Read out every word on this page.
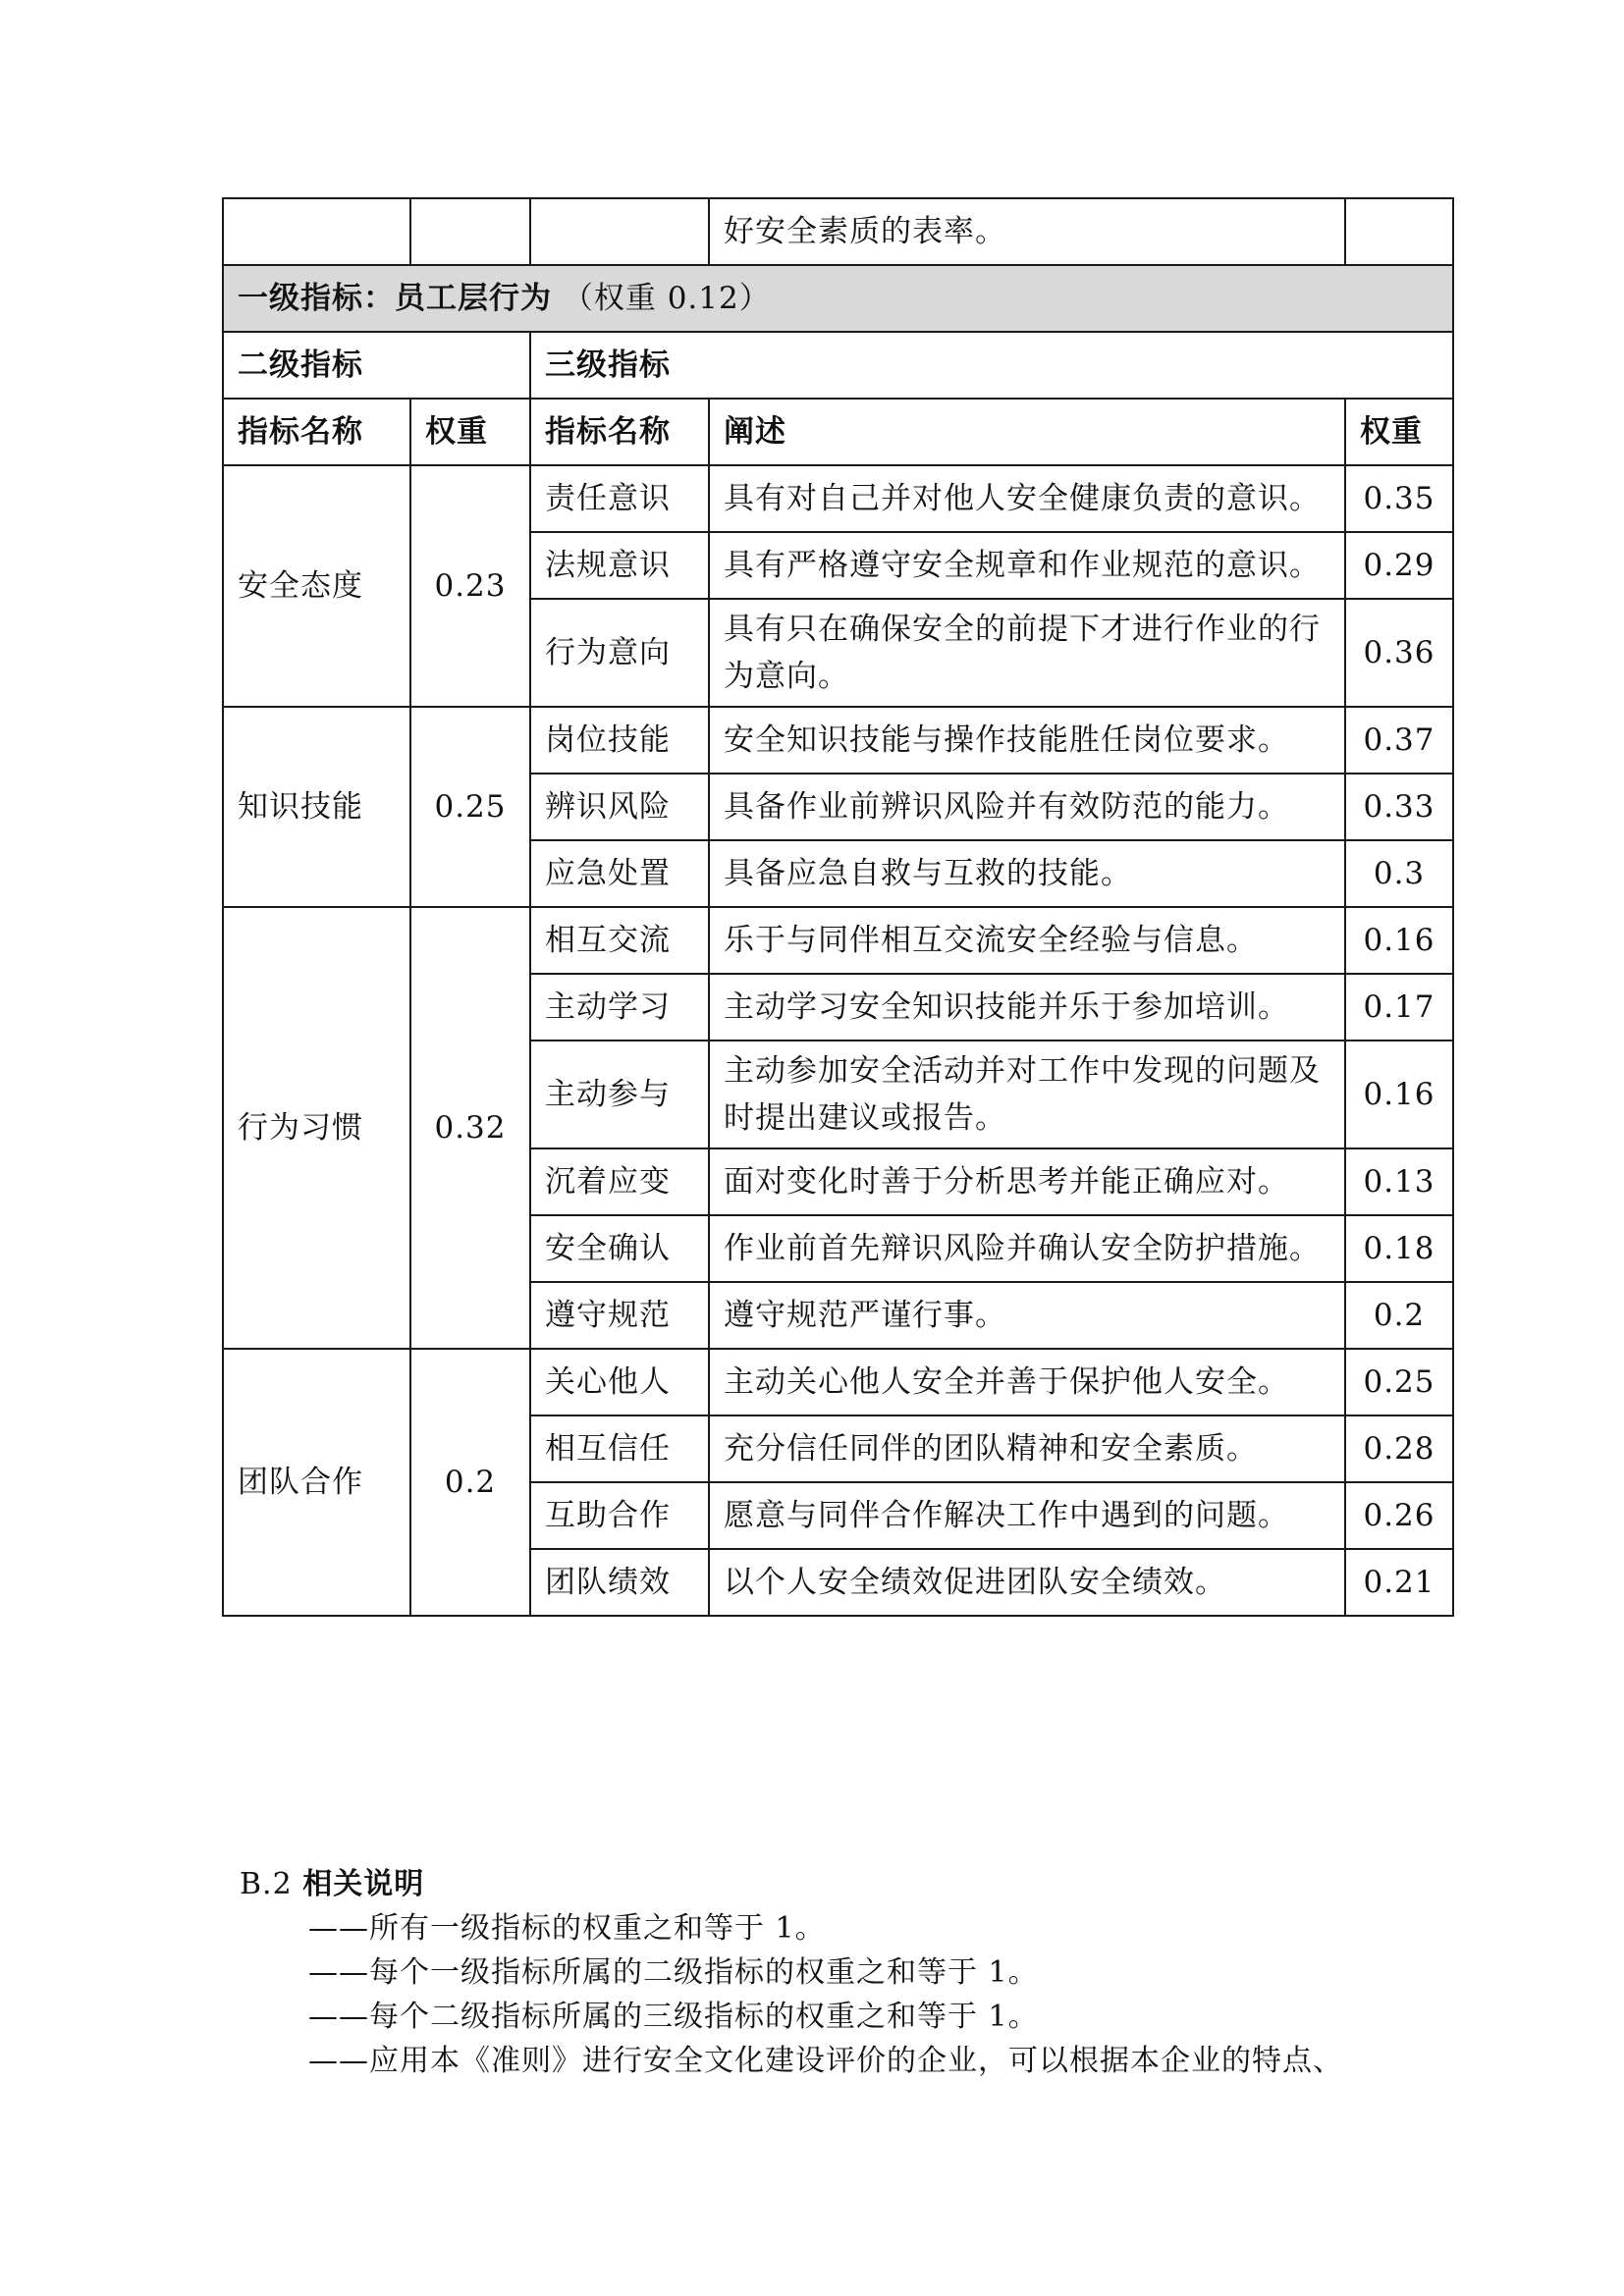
			好安全素质的表率。	
一级指标：员工层行为 （权重 0.12）				
二级指标		三级指标		
指标名称	权重	指标名称	阐述	权重
安全态度	0.23	责任意识	具有对自己并对他人安全健康负责的意识。	0.35
		法规意识	具有严格遵守安全规章和作业规范的意识。	0.29
		行为意向	具有只在确保安全的前提下才进行作业的行为意向。	0.36
知识技能	0.25	岗位技能	安全知识技能与操作技能胜任岗位要求。	0.37
		辨识风险	具备作业前辨识风险并有效防范的能力。	0.33
		应急处置	具备应急自救与互救的技能。	0.3
行为习惯	0.32	相互交流	乐于与同伴相互交流安全经验与信息。	0.16
		主动学习	主动学习安全知识技能并乐于参加培训。	0.17
		主动参与	主动参加安全活动并对工作中发现的问题及时提出建议或报告。	0.16
		沉着应变	面对变化时善于分析思考并能正确应对。	0.13
		安全确认	作业前首先辩识风险并确认安全防护措施。	0.18
		遵守规范	遵守规范严谨行事。	0.2
团队合作	0.2	关心他人	主动关心他人安全并善于保护他人安全。	0.25
		相互信任	充分信任同伴的团队精神和安全素质。	0.28
		互助合作	愿意与同伴合作解决工作中遇到的问题。	0.26
		团队绩效	以个人安全绩效促进团队安全绩效。	0.21
B.2 相关说明
——所有一级指标的权重之和等于 1。
——每个一级指标所属的二级指标的权重之和等于 1。
——每个二级指标所属的三级指标的权重之和等于 1。
——应用本《准则》进行安全文化建设评价的企业，可以根据本企业的特点、
